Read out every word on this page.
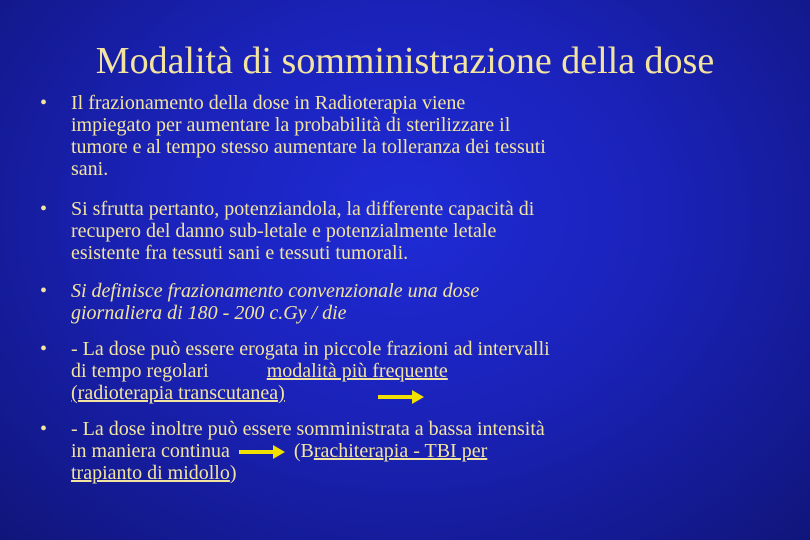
Modalità di somministrazione della dose
• Il frazionamento della dose in Radioterapia viene
impiegato per aumentare la probabilità di sterilizzare il
tumore e al tempo stesso aumentare la tolleranza dei tessuti
sani.
• Si sfrutta pertanto, potenziandola, la differente capacità di
recupero del danno sub-letale e potenzialmente letale
esistente fra tessuti sani e tessuti tumorali.
• Si definisce frazionamento convenzionale una dose
giornaliera di 180 - 200 c.Gy / die
• - La dose può essere erogata in piccole frazioni ad intervalli
di tempo regolari	modalità più frequente
(radioterapia transcutanea)
• - La dose inoltre può essere somministrata a bassa intensità
in maniera continua	(Brachiterapia - TBI per
trapianto di midollo)
